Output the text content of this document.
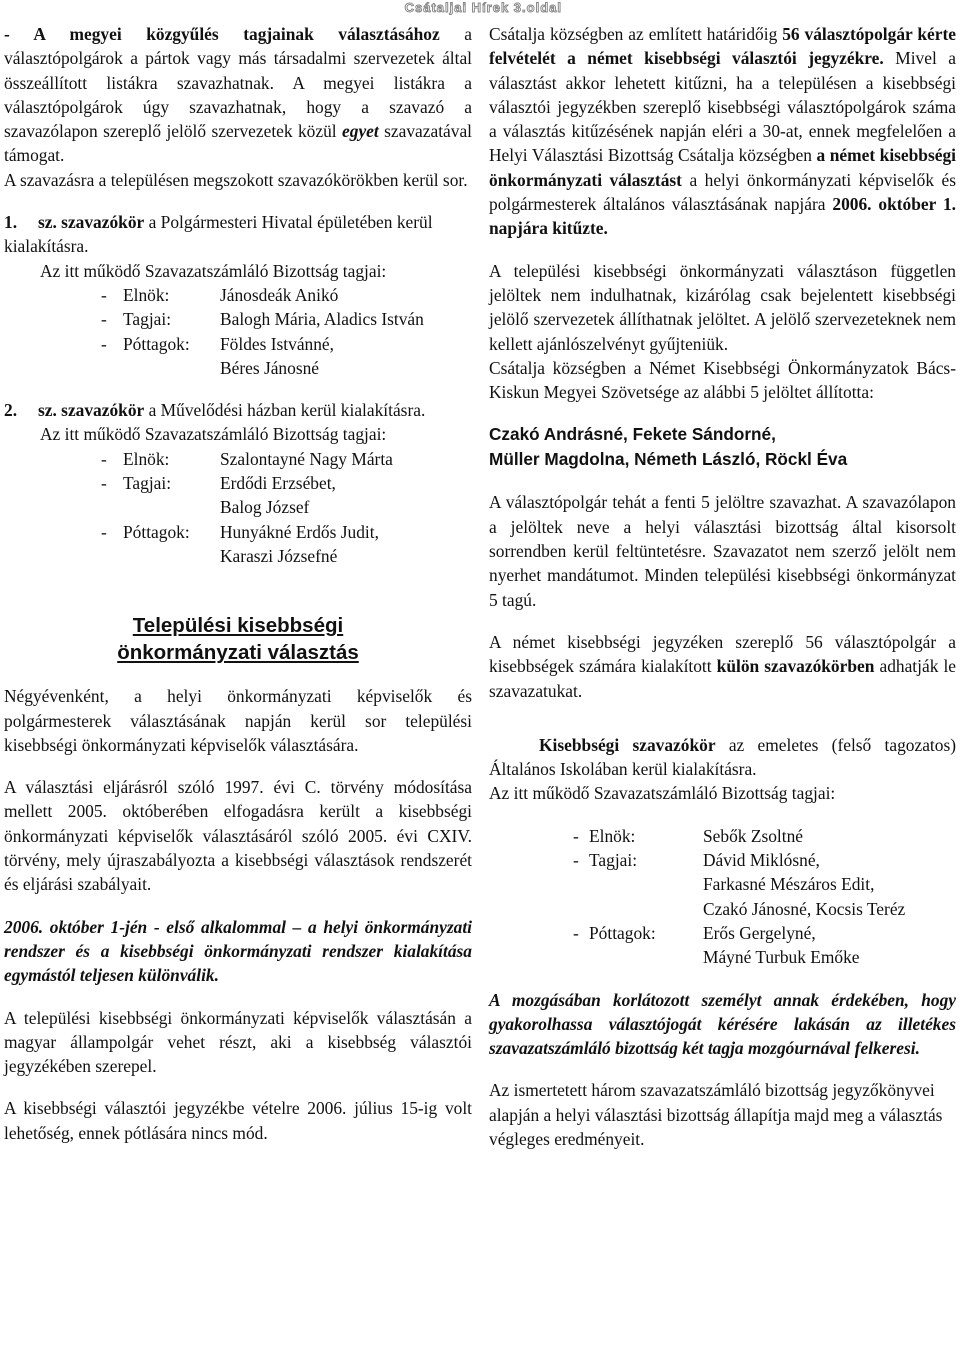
Csátaljai Hírek 3.oldal

- A megyei közgyűlés tagjainak választásához a választópolgárok a pártok vagy más társadalmi szervezetek által összeállított listákra szavazhatnak. A megyei listákra a választópolgárok úgy szavazhatnak, hogy a szavazó a szavazólapon szereplő jelölő szervezetek közül egyet szavazatával támogat.

A szavazásra a településen megszokott szavazókörökben kerül sor.

1. sz. szavazókör a Polgármesteri Hivatal épületében kerül kialakításra.

Az itt működő Szavazatszámláló Bizottság tagjai:

- Elnök:	Jánosdeák Anikó
- Tagjai:	Balogh Mária, Aladics István
- Póttagok:	Földes Istvánné,
Béres Jánosné

2. sz. szavazókör a Művelődési házban kerül kialakításra.

Az itt működő Szavazatszámláló Bizottság tagjai:

- Elnök:	Szalontayné Nagy Márta
- Tagjai:	Erdődi Erzsébet,
Balog József
- Póttagok:	Hunyákné Erdős Judit,
Karaszi Józsefné

Települési kisebbségi

önkormányzati választás

Négyévenként, a helyi önkormányzati képviselők és polgármesterek választásának napján kerül sor települési kisebbségi önkormányzati képviselők választására.

A választási eljárásról szóló 1997. évi C. törvény módosítása mellett 2005. októberében elfogadásra került a kisebbségi önkormányzati képviselők választásáról szóló 2005. évi CXIV. törvény, mely újraszabályozta a kisebbségi választások rendszerét és eljárási szabályait.

2006. október 1-jén - első alkalommal – a helyi önkormányzati rendszer és a kisebbségi önkormányzati rendszer kialakítása egymástól teljesen különválik.

A települési kisebbségi önkormányzati képviselők választásán a magyar állampolgár vehet részt, aki a kisebbség választói jegyzékében szerepel.

A kisebbségi választói jegyzékbe vételre 2006. július 15-ig volt lehetőség, ennek pótlására nincs mód.

Csátalja községben az említett határidőig 56 választópolgár kérte felvételét a német kisebbségi választói jegyzékre. Mivel a választást akkor lehetett kitűzni, ha a településen a kisebbségi választói jegyzékben szereplő kisebbségi választópolgárok száma a választás kitűzésének napján eléri a 30-at, ennek megfelelően a Helyi Választási Bizottság Csátalja községben a német kisebbségi önkormányzati választást a helyi önkormányzati képviselők és polgármesterek általános választásának napjára 2006. október 1. napjára kitűzte.

A települési kisebbségi önkormányzati választáson független jelöltek nem indulhatnak, kizárólag csak bejelentett kisebbségi jelölő szervezetek állíthatnak jelöltet. A jelölő szervezeteknek nem kellett ajánlószelvényt gyűjteniük.

Csátalja községben a Német Kisebbségi Önkormányzatok Bács-Kiskun Megyei Szövetsége az alábbi 5 jelöltet állította:

Czakó Andrásné, Fekete Sándorné,
Müller Magdolna, Németh László, Röckl Éva

A választópolgár tehát a fenti 5 jelöltre szavazhat. A szavazólapon a jelöltek neve a helyi választási bizottság által kisorsolt sorrendben kerül feltüntetésre. Szavazatot nem szerző jelölt nem nyerhet mandátumot. Minden települési kisebbségi önkormányzat 5 tagú.

A német kisebbségi jegyzéken szereplő 56 választópolgár a kisebbségek számára kialakított külön szavazókörben adhatják le szavazatukat.

Kisebbségi szavazókör az emeletes (felső tagozatos) Általános Iskolában kerül kialakításra.

Az itt működő Szavazatszámláló Bizottság tagjai:

- Elnök:	Sebők Zsoltné
- Tagjai:	Dávid Miklósné,
Farkasné Mészáros Edit,
Czakó Jánosné, Kocsis Teréz
- Póttagok:	Erős Gergelyné,
Máyné Turbuk Emőke

A mozgásában korlátozott személyt annak érdekében, hogy gyakorolhassa választójogát kérésére lakásán az illetékes szavazatszámláló bizottság két tagja mozgóurnával felkeresi.

Az ismertetett három szavazatszámláló bizottság jegyzőkönyvei alapján a helyi választási bizottság állapítja majd meg a választás végleges eredményeit.
